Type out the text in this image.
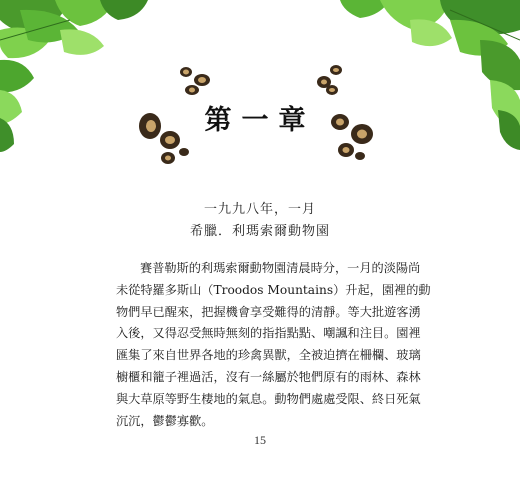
第一章
一九九八年，一月
希臘．利瑪索爾動物園
賽普勒斯的利瑪索爾動物園清晨時分，一月的淡陽尚
未從特羅多斯山（Troodos Mountains）升起，園裡的動
物們早已醒來，把握機會享受難得的清靜。等大批遊客湧
入後，又得忍受無時無刻的指指點點、嘲諷和注目。園裡
匯集了來自世界各地的珍禽異獸，全被迫擠在柵欄、玻璃
櫥櫃和籠子裡過活，沒有一絲屬於牠們原有的雨林、森林
與大草原等野生棲地的氣息。動物們處處受限、終日死氣
沉沉，鬱鬱寡歡。
15
